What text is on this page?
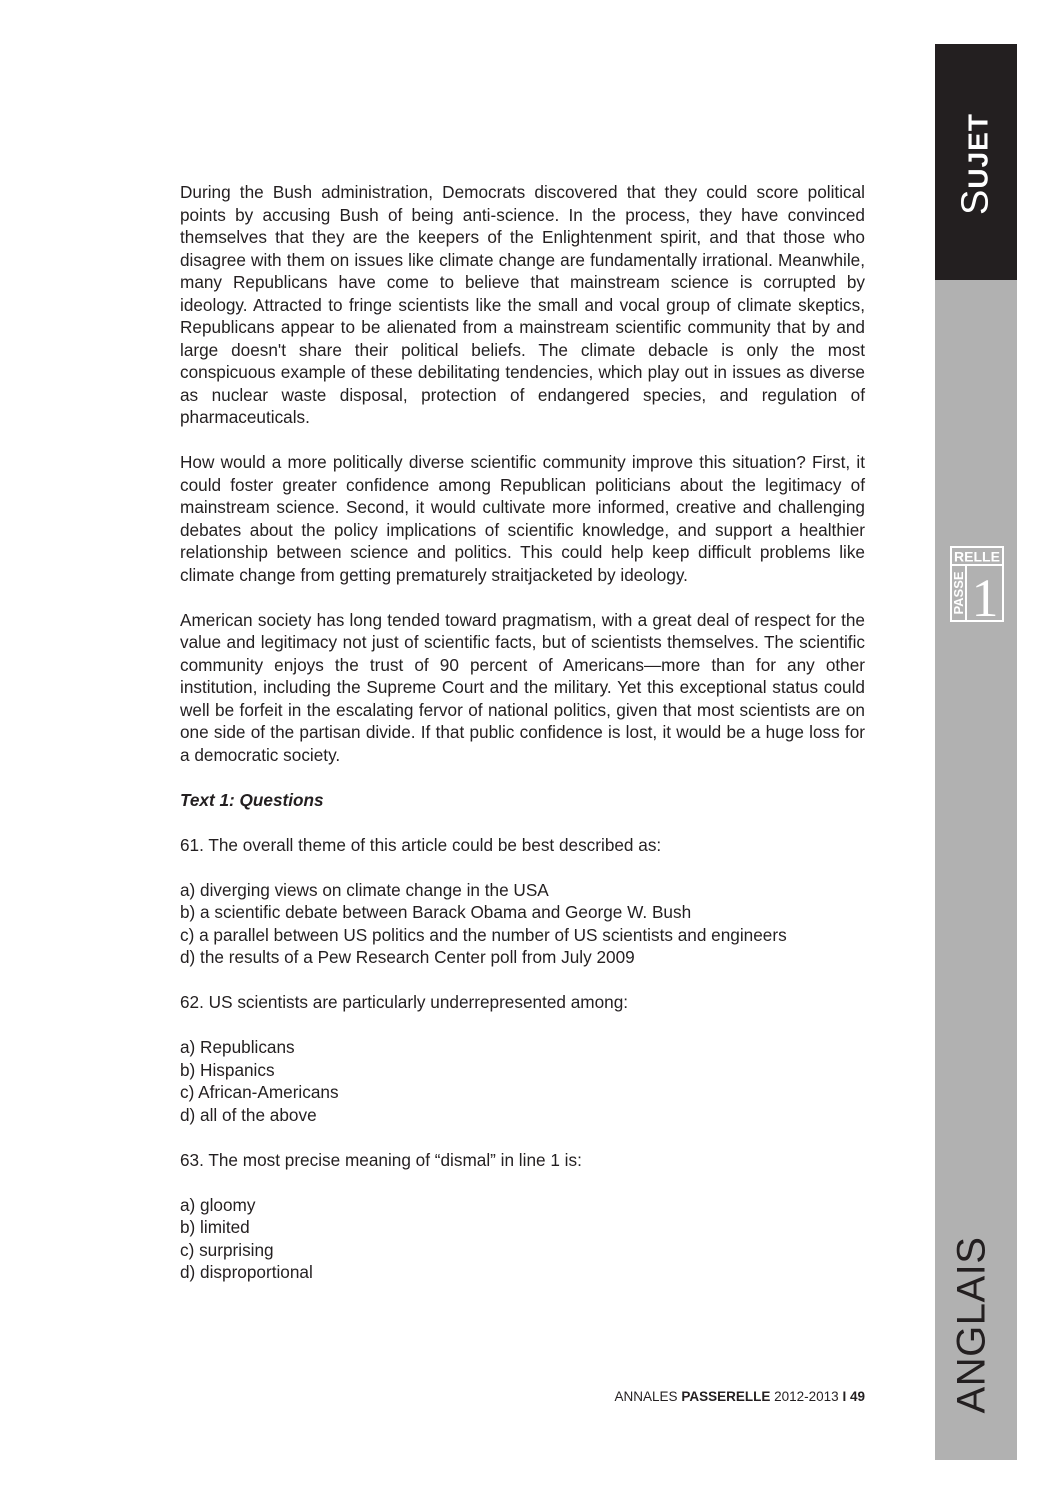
SUJET
RELLE
PASSE 1
ANGLAIS

During the Bush administration, Democrats discovered that they could score political points by accusing Bush of being anti-science. In the process, they have convinced themselves that they are the keepers of the Enlightenment spirit, and that those who disagree with them on issues like climate change are fundamentally irrational. Meanwhile, many Republicans have come to believe that mainstream science is corrupted by ideology. Attracted to fringe scientists like the small and vocal group of climate skeptics, Republicans appear to be alienated from a mainstream scientific community that by and large doesn't share their political beliefs. The climate debacle is only the most conspicuous example of these debilitating tendencies, which play out in issues as diverse as nuclear waste disposal, protection of endangered species, and regulation of pharmaceuticals.

How would a more politically diverse scientific community improve this situation? First, it could foster greater confidence among Republican politicians about the legitimacy of mainstream science. Second, it would cultivate more informed, creative and challenging debates about the policy implications of scientific knowledge, and support a healthier relationship between science and politics. This could help keep difficult problems like climate change from getting prematurely straitjacketed by ideology.

American society has long tended toward pragmatism, with a great deal of respect for the value and legitimacy not just of scientific facts, but of scientists themselves. The scientific community enjoys the trust of 90 percent of Americans—more than for any other institution, including the Supreme Court and the military. Yet this exceptional status could well be forfeit in the escalating fervor of national politics, given that most scientists are on one side of the partisan divide. If that public confidence is lost, it would be a huge loss for a democratic society.

Text 1: Questions
61. The overall theme of this article could be best described as:
a) diverging views on climate change in the USA
b) a scientific debate between Barack Obama and George W. Bush
c) a parallel between US politics and the number of US scientists and engineers
d) the results of a Pew Research Center poll from July 2009
62. US scientists are particularly underrepresented among:
a) Republicans
b) Hispanics
c) African-Americans
d) all of the above
63. The most precise meaning of “dismal” in line 1 is:
a) gloomy
b) limited
c) surprising
d) disproportional
ANNALES PASSERELLE 2012-2013 I 49
